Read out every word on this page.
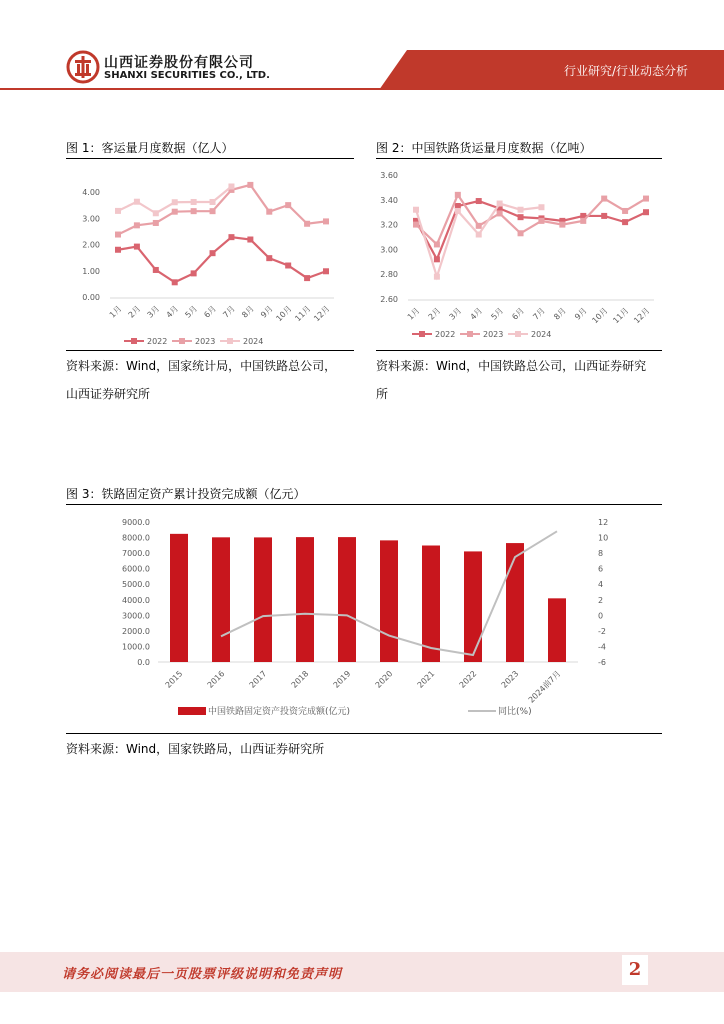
山西证券股份有限公司
SHANXI SECURITIES CO., LTD.	行业研究/行业动态分析
图 1：客运量月度数据（亿人）
0.00
1.00
2.00
3.00
4.00
1月 2月 3月 4月 5月 6月 7月 8月 9月 10月 11月 12月
2022	2023	2024
资料来源：Wind，国家统计局，中国铁路总公司，
山西证券研究所
图 2：中国铁路货运量月度数据（亿吨）
2.60
2.80
3.00
3.20
3.40
3.60
1月 2月 3月 4月 5月 6月 7月 8月 9月 10月 11月 12月
2022	2023	2024
资料来源：Wind，中国铁路总公司，山西证券研究
所
图 3：铁路固定资产累计投资完成额（亿元）
0.0
1000.0
2000.0
3000.0
4000.0
5000.0
6000.0
7000.0
8000.0
9000.0
-6
-4
-2
0
2
4
6
8
10
12
2015	2016	2017	2018	2019	2020	2021	2022	2023 2024前7月
中国铁路固定资产投资完成额(亿元)	同比(%)
资料来源：Wind，国家铁路局，山西证券研究所
请务必阅读最后一页股票评级说明和免责声明	2
